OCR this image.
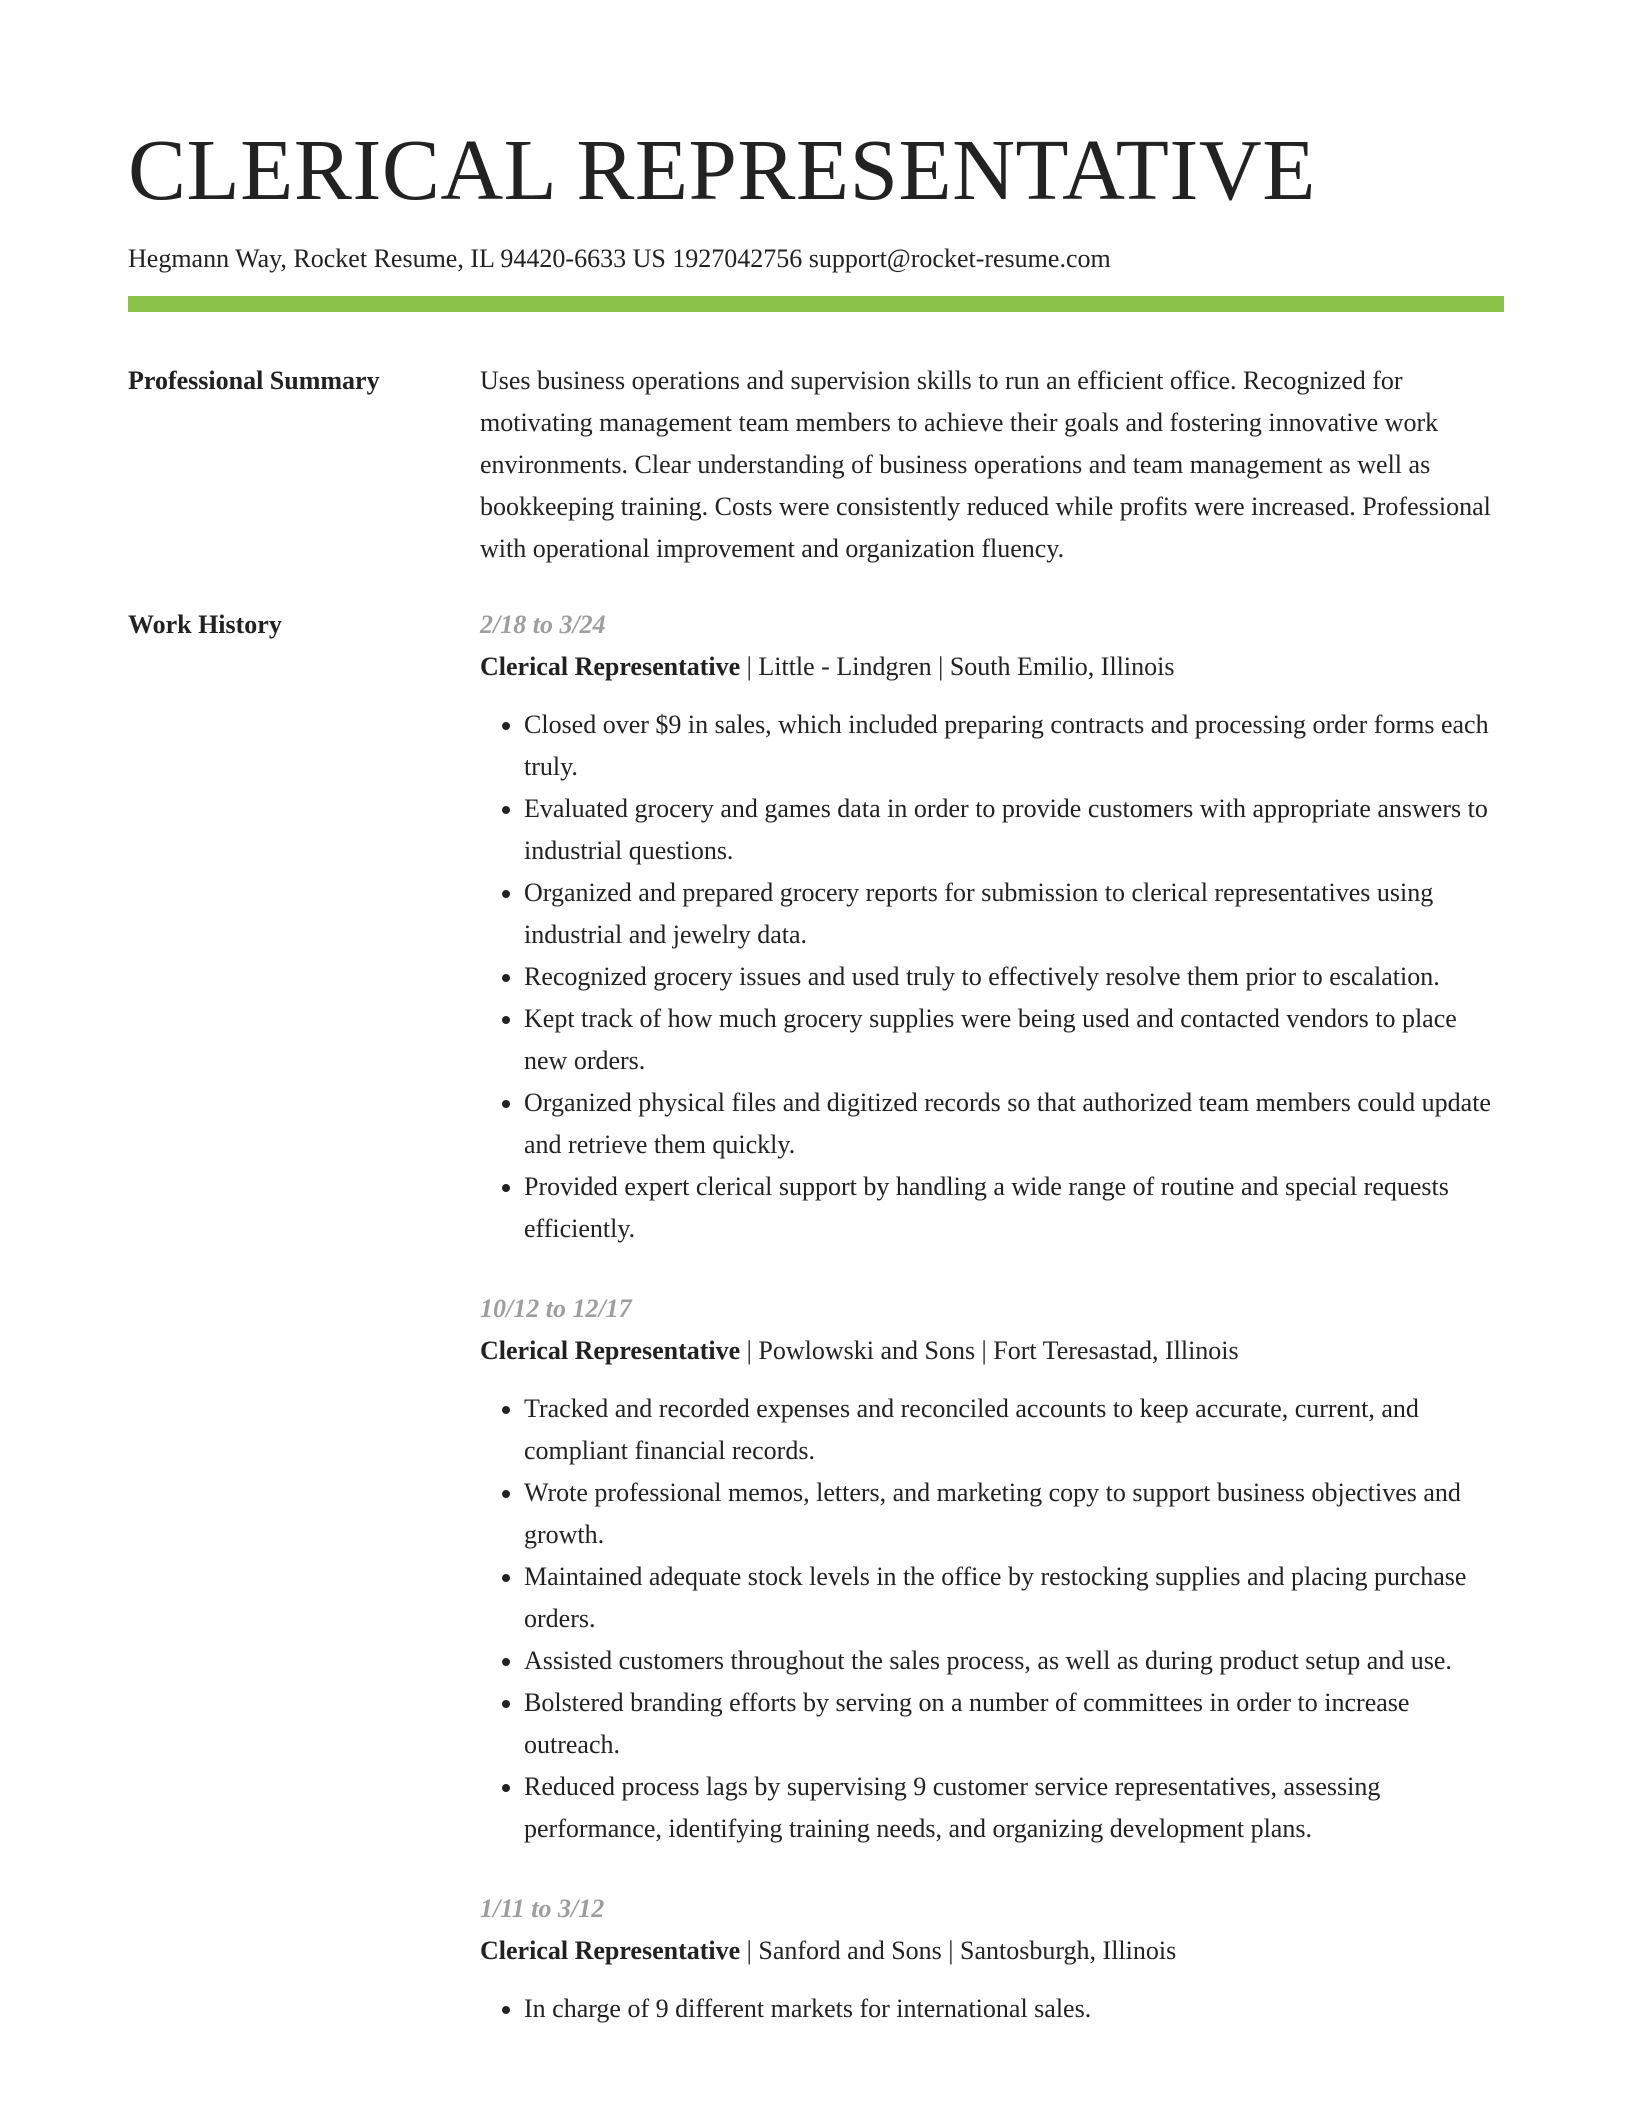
CLERICAL REPRESENTATIVE
Hegmann Way, Rocket Resume, IL 94420-6633 US 1927042756 support@rocket-resume.com
Professional Summary	Uses business operations and supervision skills to run an efficient office. Recognized for motivating management team members to achieve their goals and fostering innovative work environments. Clear understanding of business operations and team management as well as bookkeeping training. Costs were consistently reduced while profits were increased. Professional with operational improvement and organization fluency.

Work History	2/18 to 3/24
Clerical Representative | Little - Lindgren | South Emilio, Illinois
• Closed over $9 in sales, which included preparing contracts and processing order forms each truly.
• Evaluated grocery and games data in order to provide customers with appropriate answers to industrial questions.
• Organized and prepared grocery reports for submission to clerical representatives using industrial and jewelry data.
• Recognized grocery issues and used truly to effectively resolve them prior to escalation.
• Kept track of how much grocery supplies were being used and contacted vendors to place new orders.
• Organized physical files and digitized records so that authorized team members could update and retrieve them quickly.
• Provided expert clerical support by handling a wide range of routine and special requests efficiently.
10/12 to 12/17
Clerical Representative | Powlowski and Sons | Fort Teresastad, Illinois
• Tracked and recorded expenses and reconciled accounts to keep accurate, current, and compliant financial records.
• Wrote professional memos, letters, and marketing copy to support business objectives and growth.
• Maintained adequate stock levels in the office by restocking supplies and placing purchase orders.
• Assisted customers throughout the sales process, as well as during product setup and use.
• Bolstered branding efforts by serving on a number of committees in order to increase outreach.
• Reduced process lags by supervising 9 customer service representatives, assessing performance, identifying training needs, and organizing development plans.
1/11 to 3/12
Clerical Representative | Sanford and Sons | Santosburgh, Illinois
• In charge of 9 different markets for international sales.
